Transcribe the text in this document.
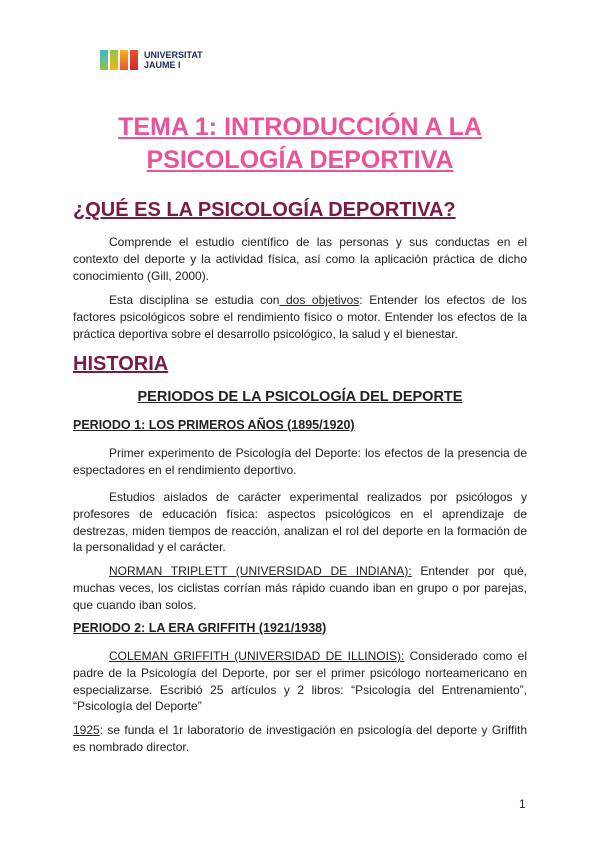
UNIVERSITAT
JAUME I
TEMA 1: INTRODUCCIÓN A LA
PSICOLOGÍA DEPORTIVA
¿QUÉ ES LA PSICOLOGÍA DEPORTIVA?
Comprende el estudio científico de las personas y sus conductas en el contexto del deporte y la actividad física, así como la aplicación práctica de dicho conocimiento (Gill, 2000).
Esta disciplina se estudia con dos objetivos: Entender los efectos de los factores psicológicos sobre el rendimiento físico o motor. Entender los efectos de la práctica deportiva sobre el desarrollo psicológico, la salud y el bienestar.
HISTORIA
PERIODOS DE LA PSICOLOGÍA DEL DEPORTE
PERIODO 1: LOS PRIMEROS AÑOS (1895/1920)
Primer experimento de Psicología del Deporte: los efectos de la presencia de espectadores en el rendimiento deportivo.
Estudios aislados de carácter experimental realizados por psicólogos y profesores de educación física: aspectos psicológicos en el aprendizaje de destrezas, miden tiempos de reacción, analizan el rol del deporte en la formación de la personalidad y el carácter.
NORMAN TRIPLETT (UNIVERSIDAD DE INDIANA): Entender por qué, muchas veces, los ciclistas corrían más rápido cuando iban en grupo o por parejas, que cuando iban solos.
PERIODO 2: LA ERA GRIFFITH (1921/1938)
COLEMAN GRIFFITH (UNIVERSIDAD DE ILLINOIS): Considerado como el padre de la Psicología del Deporte, por ser el primer psicólogo norteamericano en especializarse. Escribió 25 artículos y 2 libros: “Psicología del Entrenamiento”, “Psicología del Deporte”
1925: se funda el 1r laboratorio de investigación en psicología del deporte y Griffith es nombrado director.
1
